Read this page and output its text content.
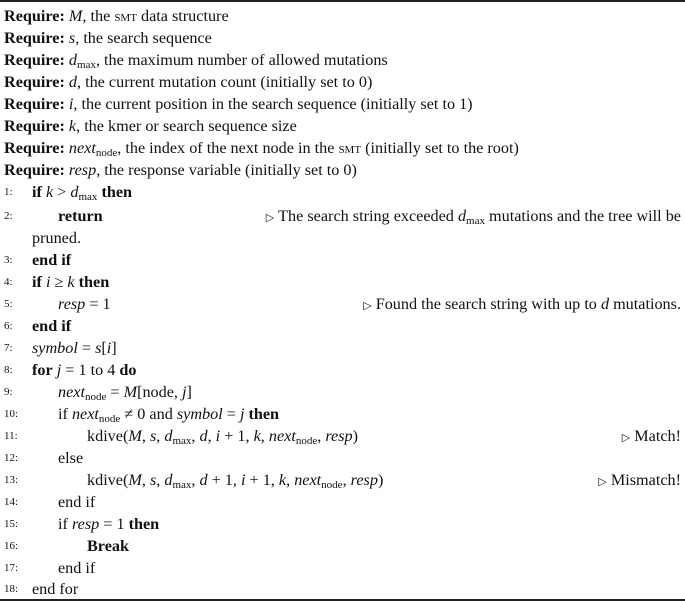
Require: M, the smt data structure
Require: s, the search sequence
Require: $d_{max}$, the maximum number of allowed mutations
Require: d, the current mutation count (initially set to 0)
Require: i, the current position in the search sequence (initially set to 1)
Require: k, the kmer or search sequence size
Require: next$_{node}$, the index of the next node in the smt (initially set to the root)
Require: resp, the response variable (initially set to 0)
1:	if $k > d_{max}$ then
2:	return	▷ The search string exceeded $d_{max}$ mutations and the tree will be
pruned.
3:	end if
4:	if i ≥ k then
5:	resp = 1	▷ Found the search string with up to d mutations.
6:	end if
7:	symbol = s[i]
8:	for j = 1 to 4 do
9:	next$_{node}$ = M[node, j]
10:	if next$_{node}$ ≠ 0 and symbol = j then
11:	kdive(M, s, $d_{max}$, d, i + 1, k, next$_{node}$, resp)	▷ Match!
12:	else
13:	kdive(M, s, $d_{max}$, d + 1, i + 1, k, next$_{node}$, resp)	▷ Mismatch!
14:	end if
15:	if resp = 1 then
16:	Break
17:	end if
18: end for
